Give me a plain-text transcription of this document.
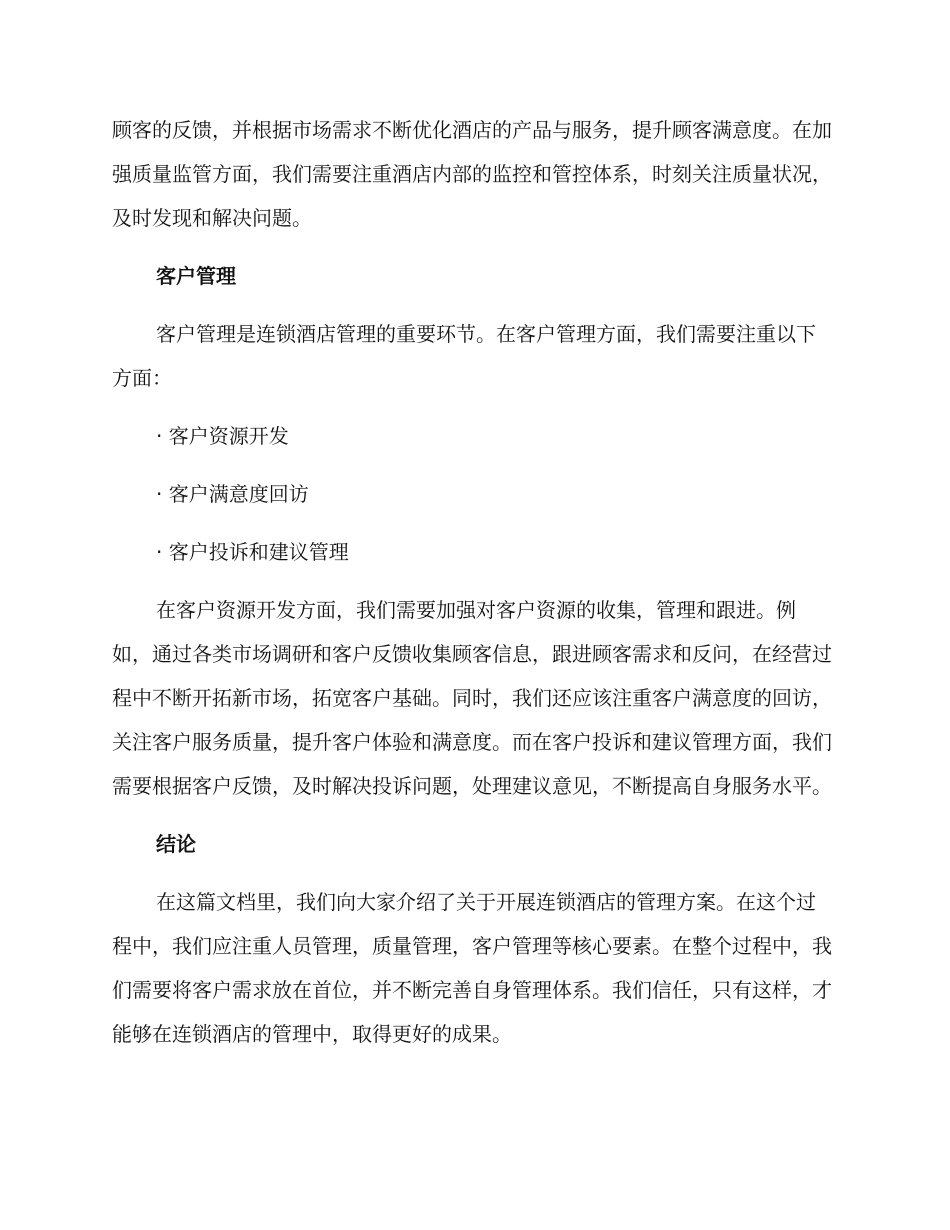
顾客的反馈，并根据市场需求不断优化酒店的产品与服务，提升顾客满意度。在加强质量监管方面，我们需要注重酒店内部的监控和管控体系，时刻关注质量状况，及时发现和解决问题。

客户管理

客户管理是连锁酒店管理的重要环节。在客户管理方面，我们需要注重以下方面：

· 客户资源开发

· 客户满意度回访

· 客户投诉和建议管理

在客户资源开发方面，我们需要加强对客户资源的收集，管理和跟进。例如，通过各类市场调研和客户反馈收集顾客信息，跟进顾客需求和反问，在经营过程中不断开拓新市场，拓宽客户基础。同时，我们还应该注重客户满意度的回访，关注客户服务质量，提升客户体验和满意度。而在客户投诉和建议管理方面，我们需要根据客户反馈，及时解决投诉问题，处理建议意见，不断提高自身服务水平。

结论

在这篇文档里，我们向大家介绍了关于开展连锁酒店的管理方案。在这个过程中，我们应注重人员管理，质量管理，客户管理等核心要素。在整个过程中，我们需要将客户需求放在首位，并不断完善自身管理体系。我们信任，只有这样，才能够在连锁酒店的管理中，取得更好的成果。
